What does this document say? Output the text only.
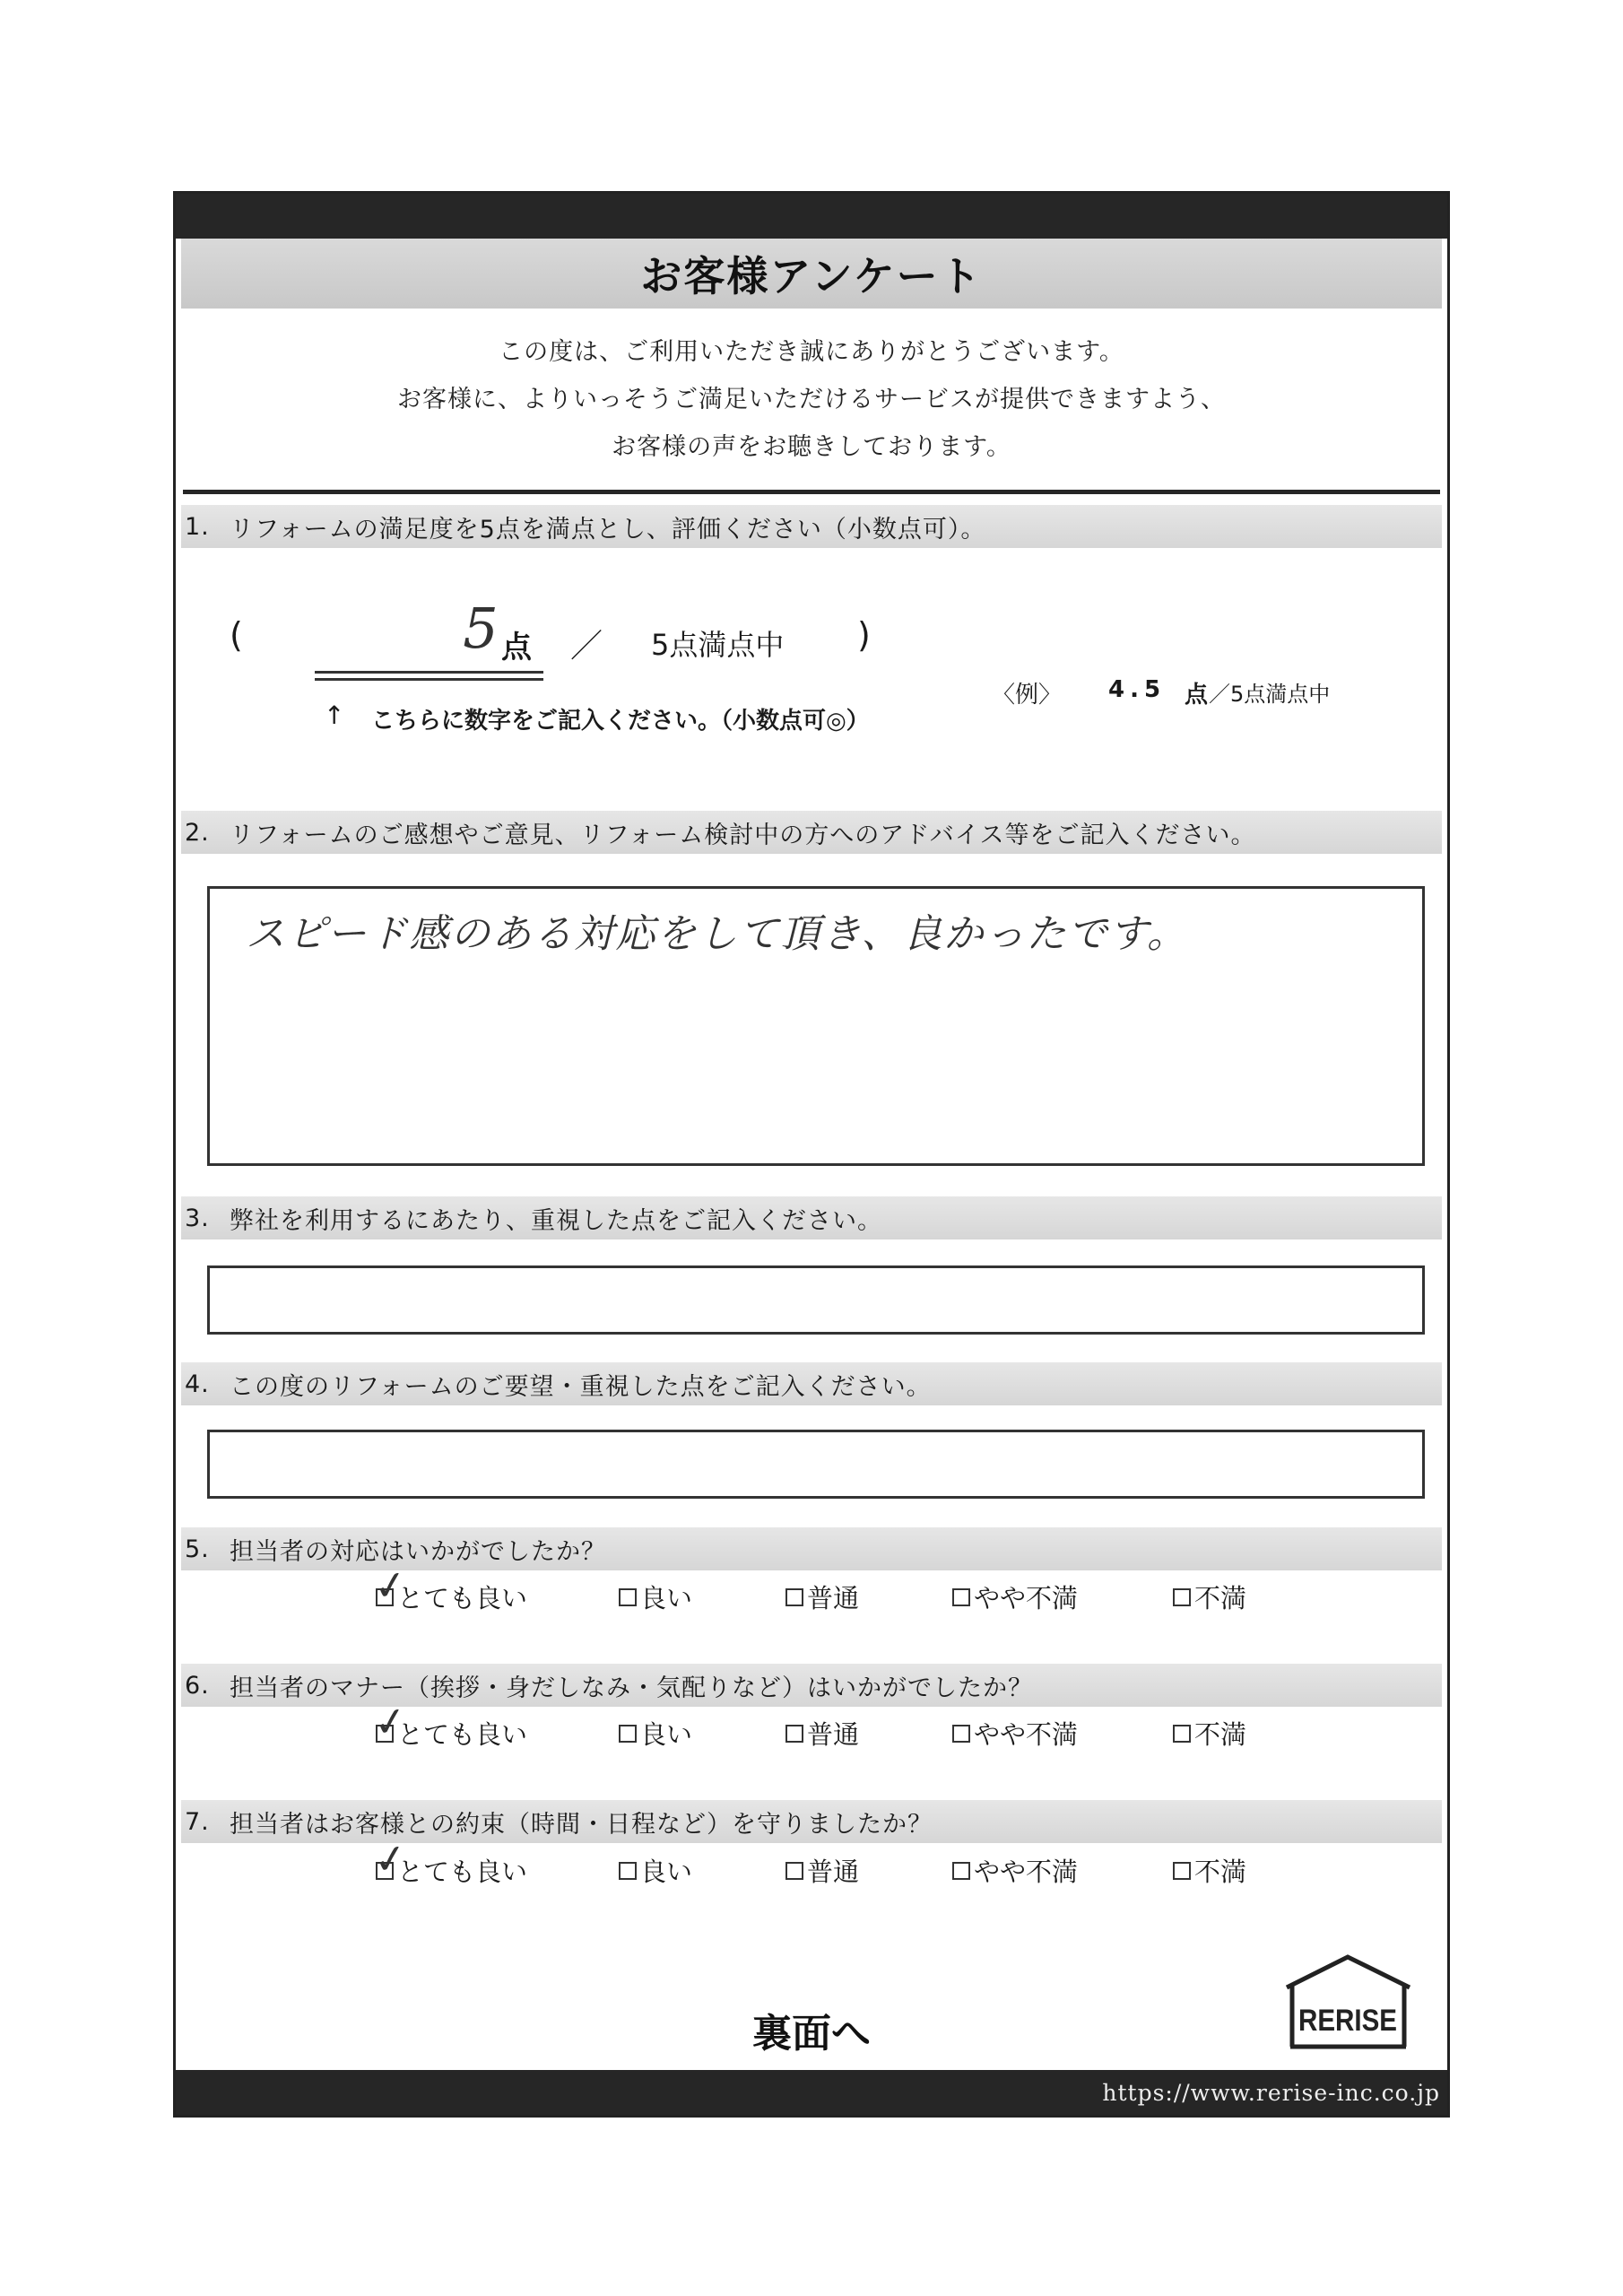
お客様アンケート
この度は、ご利用いただき誠にありがとうございます。
お客様に、よりいっそうご満足いただけるサービスが提供できますよう、
お客様の声をお聴きしております。
1. リフォームの満足度を5点を満点とし、評価ください（小数点可）。
(	5 点 ／ 5点満点中 )
↑ こちらに数字をご記入ください。（小数点可◎）
〈例〉 4.5 点 ／5点満点中
2. リフォームのご感想やご意見、リフォーム検討中の方へのアドバイス等をご記入ください。
スピード感のある対応をして頂き、良かったです。
3. 弊社を利用するにあたり、重視した点をご記入ください。
4. この度のリフォームのご要望・重視した点をご記入ください。
5. 担当者の対応はいかがでしたか？
✓
とても良い	良い	普通	やや不満	不満
6. 担当者のマナー（挨拶・身だしなみ・気配りなど）はいかがでしたか？
✓
とても良い	良い	普通	やや不満	不満
7. 担当者はお客様との約束（時間・日程など）を守りましたか？
✓
とても良い	良い	普通	やや不満	不満
裏面へ	RERISE
https://www.rerise-inc.co.jp
